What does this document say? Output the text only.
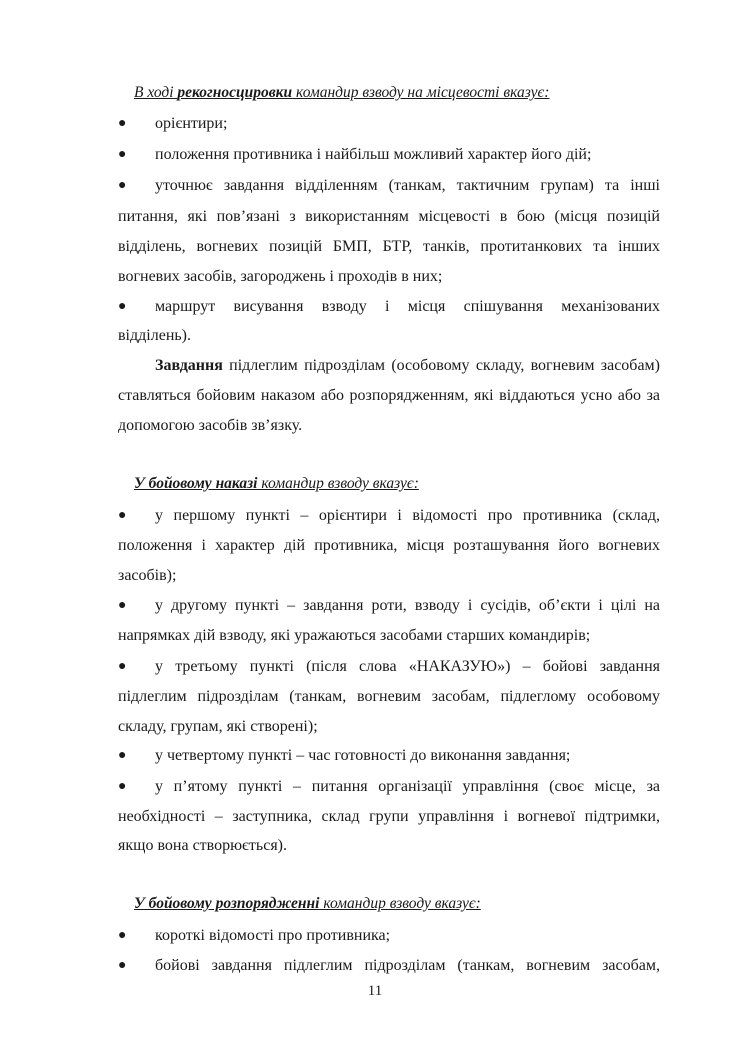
В ході рекогносцировки командир взводу на місцевості вказує:
● орієнтири;
● положення противника і найбільш можливий характер його дій;
● уточнює завдання відділенням (танкам, тактичним групам) та інші
питання, які пов’язані з використанням місцевості в бою (місця позицій
відділень, вогневих позицій БМП, БТР, танків, протитанкових та інших
вогневих засобів, загороджень і проходів в них;
● маршрут висування взводу і місця спішування механізованих
відділень).
Завдання підлеглим підрозділам (особовому складу, вогневим засобам)
ставляться бойовим наказом або розпорядженням, які віддаються усно або за
допомогою засобів зв’язку.
У бойовому наказі командир взводу вказує:
● у першому пункті – орієнтири і відомості про противника (склад,
положення і характер дій противника, місця розташування його вогневих
засобів);
● у другому пункті – завдання роти, взводу і сусідів, об’єкти і цілі на
напрямках дій взводу, які уражаються засобами старших командирів;
● у третьому пункті (після слова «НАКАЗУЮ») – бойові завдання
підлеглим підрозділам (танкам, вогневим засобам, підлеглому особовому
складу, групам, які створені);
● у четвертому пункті – час готовності до виконання завдання;
● у п’ятому пункті – питання організації управління (своє місце, за
необхідності – заступника, склад групи управління і вогневої підтримки,
якщо вона створюється).
У бойовому розпорядженні командир взводу вказує:
● короткі відомості про противника;
● бойові завдання підлеглим підрозділам (танкам, вогневим засобам,
11
